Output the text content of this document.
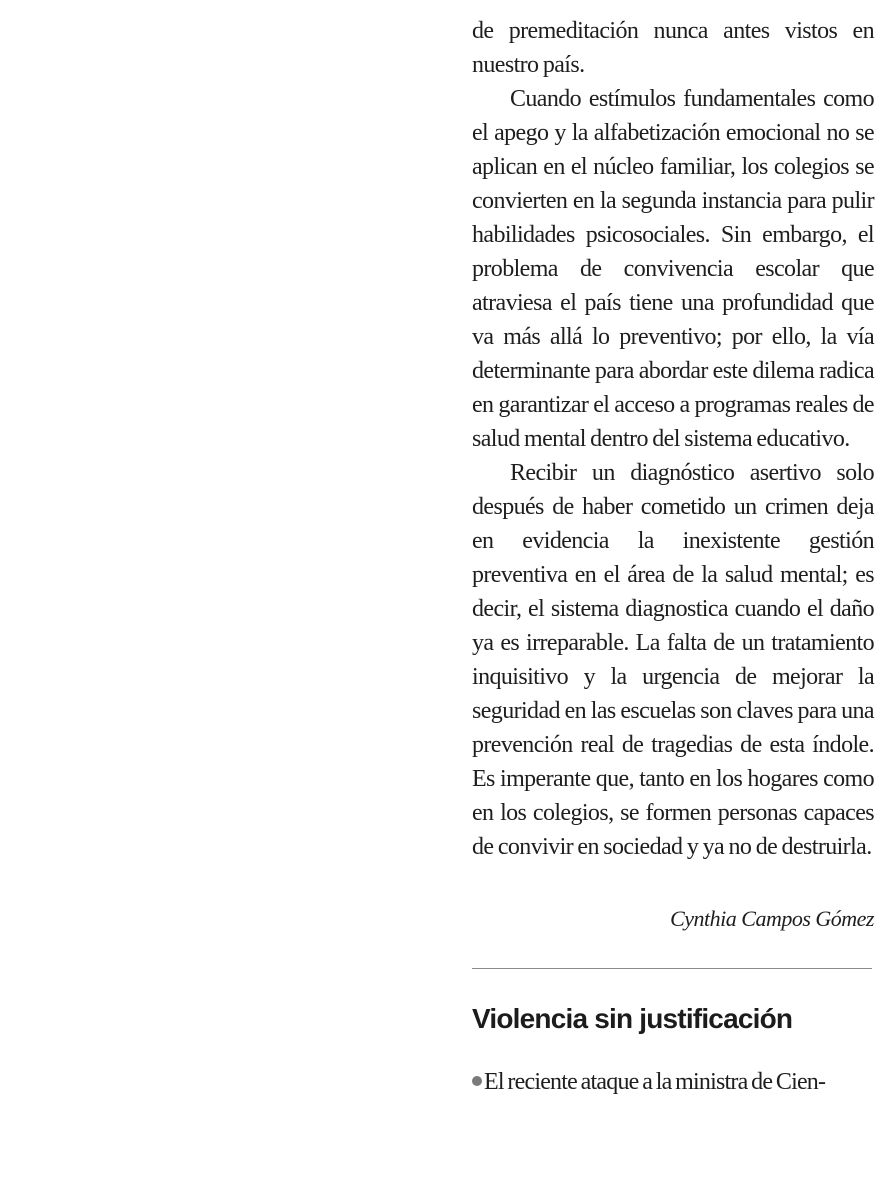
de premeditación nunca antes vistos en nuestro país.

Cuando estímulos fundamentales como el apego y la alfabetización emocional no se aplican en el núcleo familiar, los colegios se convierten en la segunda instancia para pulir habilidades psicosociales. Sin embargo, el problema de convivencia escolar que atraviesa el país tiene una profundidad que va más allá lo preventivo; por ello, la vía determinante para abordar este dilema radica en garantizar el acceso a programas reales de salud mental dentro del sistema educativo.

Recibir un diagnóstico asertivo solo después de haber cometido un crimen deja en evidencia la inexistente gestión preventiva en el área de la salud mental; es decir, el sistema diagnostica cuando el daño ya es irreparable. La falta de un tratamiento inquisitivo y la urgencia de mejorar la seguridad en las escuelas son claves para una prevención real de tragedias de esta índole. Es imperante que, tanto en los hogares como en los colegios, se formen personas capaces de convivir en sociedad y ya no de destruirla.

Cynthia Campos Gómez
Violencia sin justificación
El reciente ataque a la ministra de Cien-
